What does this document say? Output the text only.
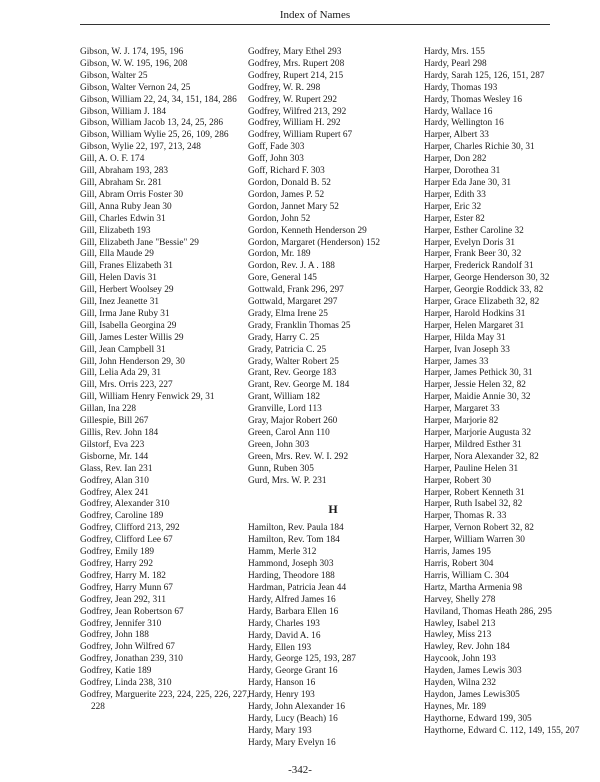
Index of Names
Gibson, W. J. 174, 195, 196
Gibson, W. W. 195, 196, 208
Gibson, Walter 25
Gibson, Walter Vernon 24, 25
Gibson, William 22, 24, 34, 151, 184, 286
Gibson, William J. 184
Gibson, William Jacob 13, 24, 25, 286
Gibson, William Wylie 25, 26, 109, 286
Gibson, Wylie 22, 197, 213, 248
Gill, A. O. F. 174
Gill, Abraham 193, 283
Gill, Abraham Sr. 281
Gill, Abram Orris Foster 30
Gill, Anna Ruby Jean 30
Gill, Charles Edwin 31
Gill, Elizabeth 193
Gill, Elizabeth Jane "Bessie" 29
Gill, Ella Maude 29
Gill, Franes Elizabeth 31
Gill, Helen Davis 31
Gill, Herbert Woolsey 29
Gill, Inez Jeanette 31
Gill, Irma Jane Ruby 31
Gill, Isabella Georgina 29
Gill, James Lester Willis 29
Gill, Jean Campbell 31
Gill, John Henderson 29, 30
Gill, Lelia Ada 29, 31
Gill, Mrs. Orris 223, 227
Gill, William Henry Fenwick 29, 31
Gillan, Ina 228
Gillespie, Bill 267
Gillis, Rev. John 184
Gilstorf, Eva 223
Gisborne, Mr. 144
Glass, Rev. Ian 231
Godfrey, Alan 310
Godfrey, Alex 241
Godfrey, Alexander 310
Godfrey, Caroline 189
Godfrey, Clifford 213, 292
Godfrey, Clifford Lee 67
Godfrey, Emily 189
Godfrey, Harry 292
Godfrey, Harry M. 182
Godfrey, Harry Munn 67
Godfrey, Jean 292, 311
Godfrey, Jean Robertson 67
Godfrey, Jennifer 310
Godfrey, John 188
Godfrey, John Wilfred 67
Godfrey, Jonathan 239, 310
Godfrey, Katie 189
Godfrey, Linda 238, 310
Godfrey, Marguerite 223, 224, 225, 226, 227, 228
Godfrey, Mary Ethel 293
Godfrey, Mrs. Rupert 208
Godfrey, Rupert 214, 215
Godfrey, W. R. 298
Godfrey, W. Rupert 292
Godfrey, Wilfred 213, 292
Godfrey, William H. 292
Godfrey, William Rupert 67
Goff, Fade 303
Goff, John 303
Goff, Richard F. 303
Gordon, Donald B. 52
Gordon, James P. 52
Gordon, Jannet Mary 52
Gordon, John 52
Gordon, Kenneth Henderson 29
Gordon, Margaret (Henderson) 152
Gordon, Mr. 189
Gordon, Rev. J. A . 188
Gore, General 145
Gottwald, Frank 296, 297
Gottwald, Margaret 297
Grady, Elma Irene 25
Grady, Franklin Thomas 25
Grady, Harry C. 25
Grady, Patricia C. 25
Grady, Walter Robert 25
Grant, Rev. George 183
Grant, Rev. George M. 184
Grant, William 182
Granville, Lord 113
Gray, Major Robert 260
Green, Carol Ann 110
Green, John 303
Green, Mrs. Rev. W. I. 292
Gunn, Ruben 305
Gurd, Mrs. W. P. 231
H
Hamilton, Rev. Paula 184
Hamilton, Rev. Tom 184
Hamm, Merle 312
Hammond, Joseph 303
Harding, Theodore 188
Hardman, Patricia Jean 44
Hardy, Alfred James 16
Hardy, Barbara Ellen 16
Hardy, Charles 193
Hardy, David A. 16
Hardy, Ellen 193
Hardy, George 125, 193, 287
Hardy, George Grant 16
Hardy, Hanson 16
Hardy, Henry 193
Hardy, John Alexander 16
Hardy, Lucy (Beach) 16
Hardy, Mary 193
Hardy, Mary Evelyn 16
Hardy, Mrs. 155
Hardy, Pearl 298
Hardy, Sarah 125, 126, 151, 287
Hardy, Thomas 193
Hardy, Thomas Wesley 16
Hardy, Wallace 16
Hardy, Wellington 16
Harper, Albert 33
Harper, Charles Richie 30, 31
Harper, Don 282
Harper, Dorothea 31
Harper Eda Jane 30, 31
Harper, Edith 33
Harper, Eric 32
Harper, Ester 82
Harper, Esther Caroline 32
Harper, Evelyn Doris 31
Harper, Frank Beer 30, 32
Harper, Frederick Randolf 31
Harper, George Henderson 30, 32
Harper, Georgie Roddick 33, 82
Harper, Grace Elizabeth 32, 82
Harper, Harold Hodkins 31
Harper, Helen Margaret 31
Harper, Hilda May 31
Harper, Ivan Joseph 33
Harper, James 33
Harper, James Pethick 30, 31
Harper, Jessie Helen 32, 82
Harper, Maidie Annie 30, 32
Harper, Margaret 33
Harper, Marjorie 82
Harper, Marjorie Augusta 32
Harper, Mildred Esther 31
Harper, Nora Alexander 32, 82
Harper, Pauline Helen 31
Harper, Robert 30
Harper, Robert Kenneth 31
Harper, Ruth Isabel 32, 82
Harper, Thomas R. 33
Harper, Vernon Robert 32, 82
Harper, William Warren 30
Harris, James 195
Harris, Robert 304
Harris, William C. 304
Hartz, Martha Armenia 98
Harvey, Shelly 278
Haviland, Thomas Heath 286, 295
Hawley, Isabel 213
Hawley, Miss 213
Hawley, Rev. John 184
Haycook, John 193
Hayden, James Lewis 303
Hayden, Wilna 232
Haydon, James Lewis305
Haynes, Mr. 189
Haythorne, Edward 199, 305
Haythorne, Edward C. 112, 149, 155, 207
-342-
